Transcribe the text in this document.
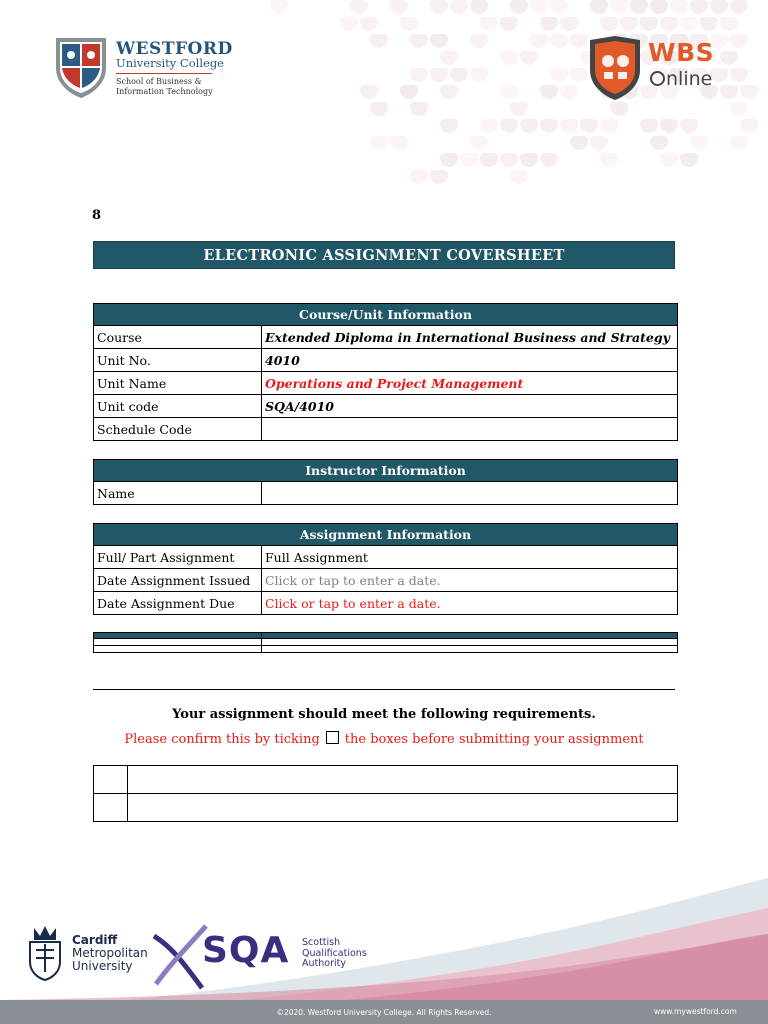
WESTFORD
University College
School of Business & Information Technology
WBS
nline
8
ELECTRONIC ASSIGNMENT COVERSHEET
Course/Unit Information	
Course	Extended Diploma in International Business and Strategy
Unit No.	4010
Unit Name	Operations and Project Management
Unit code	SQA/4010
Schedule Code	
Instructor Information
Name	
Assignment Information	
Full/ Part Assignment	Full Assignment
Date Assignment Issued	Click or tap to enter a date.
Date Assignment Due	Click or tap to enter a date.

Your assignment should meet the following requirements.
Please confirm this by ticking the boxes before submitting your assignment

Cardiff
Metropolitan
University	SQA Scottish
Qualifications
Authority
©2020. Westford University College. All Rights Reserved.	www.mywestford.com
